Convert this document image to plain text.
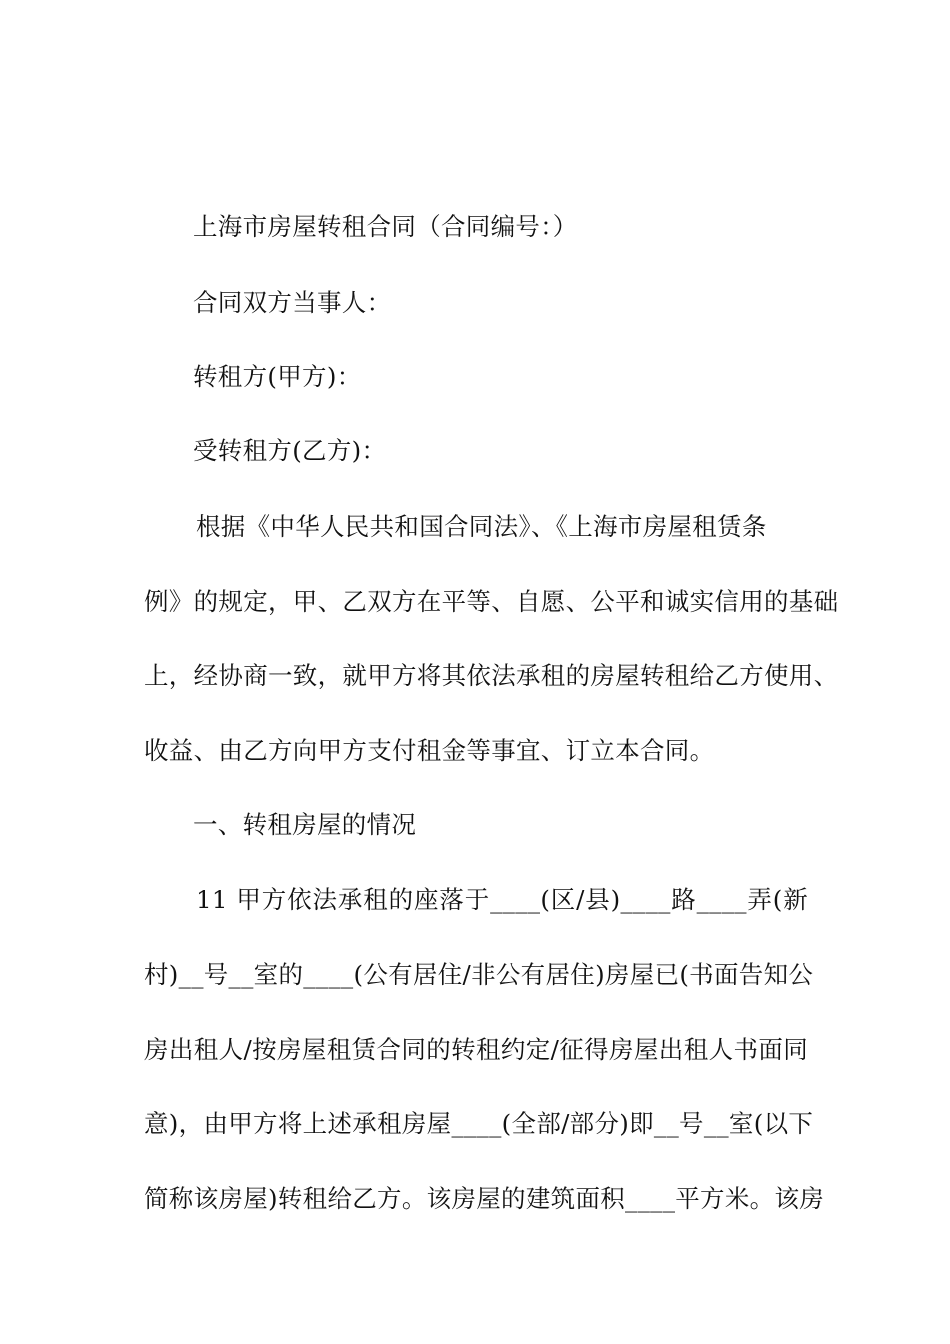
上海市房屋转租合同（合同编号：）
合同双方当事人：
转租方(甲方)：
受转租方(乙方)：
根据《中华人民共和国合同法》、《上海市房屋租赁条
例》的规定，甲、乙双方在平等、自愿、公平和诚实信用的基础
上，经协商一致，就甲方将其依法承租的房屋转租给乙方使用、
收益、由乙方向甲方支付租金等事宜、订立本合同。
一、转租房屋的情况
11 甲方依法承租的座落于____(区/县)____路____弄(新
村)__号__室的____(公有居住/非公有居住)房屋已(书面告知公
房出租人/按房屋租赁合同的转租约定/征得房屋出租人书面同
意)，由甲方将上述承租房屋____(全部/部分)即__号__室(以下
简称该房屋)转租给乙方。该房屋的建筑面积____平方米。该房
